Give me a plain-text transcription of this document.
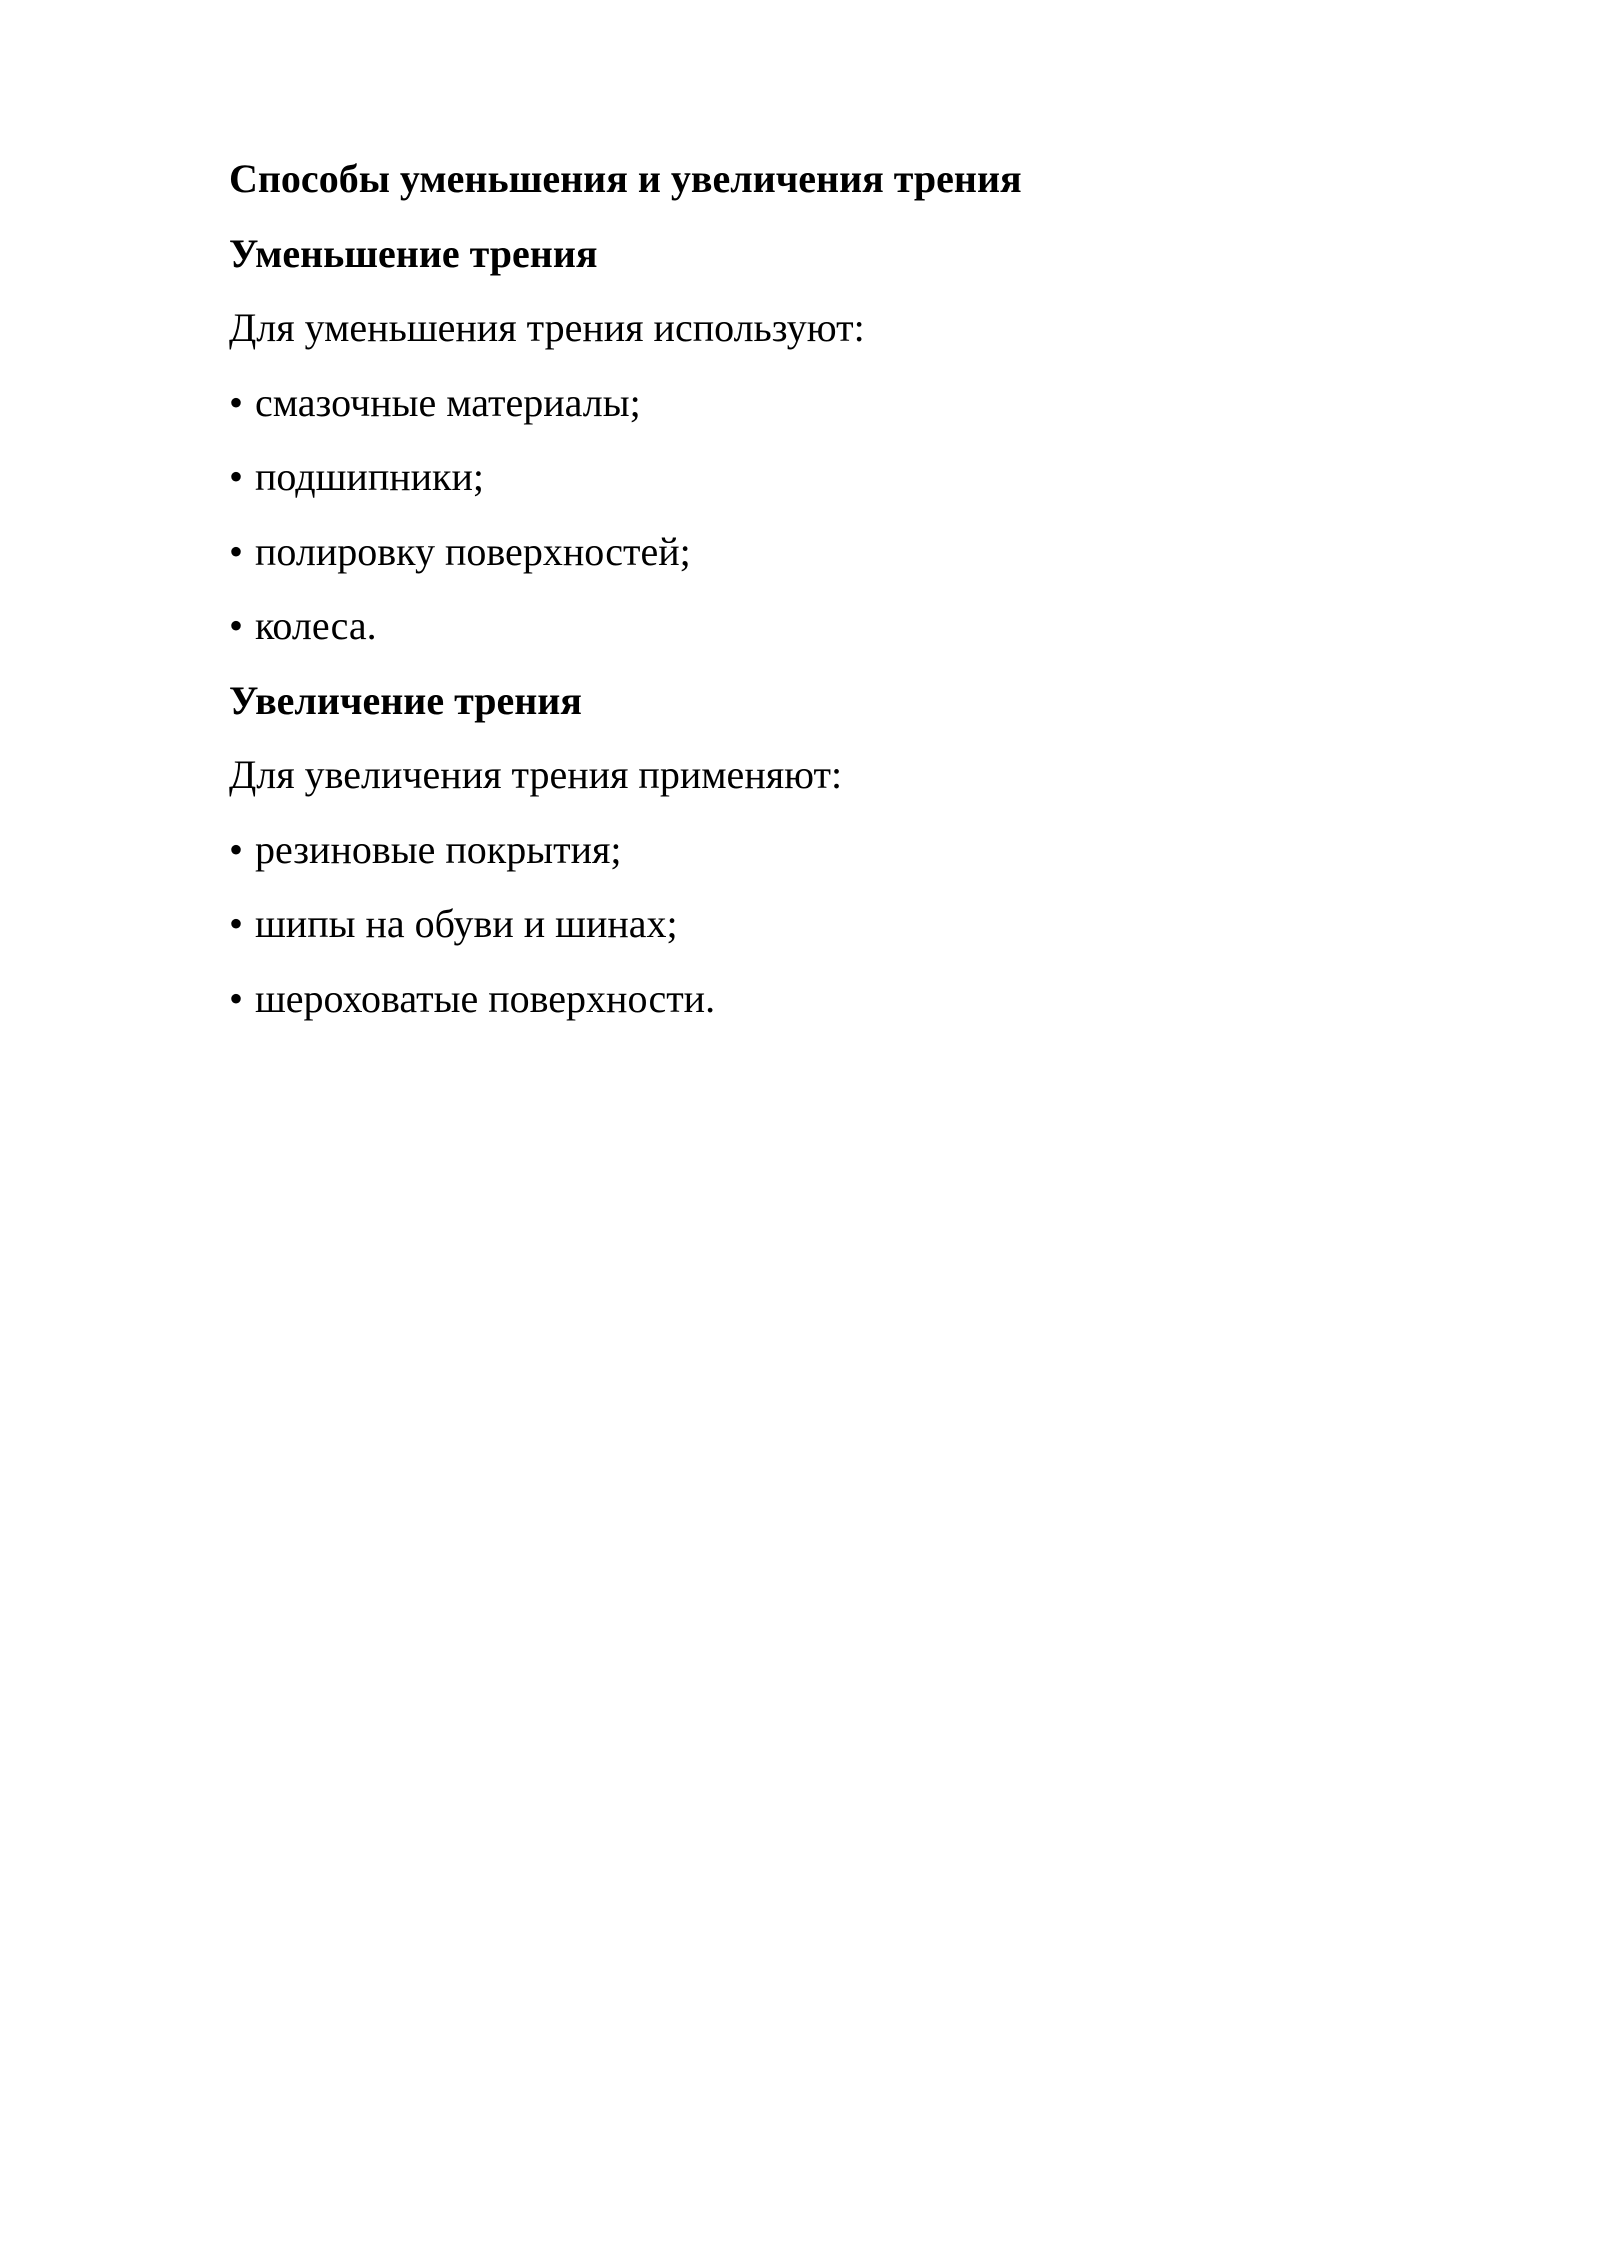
Способы уменьшения и увеличения трения
Уменьшение трения
Для уменьшения трения используют:
• смазочные материалы;
• подшипники;
• полировку поверхностей;
• колеса.
Увеличение трения
Для увеличения трения применяют:
• резиновые покрытия;
• шипы на обуви и шинах;
• шероховатые поверхности.
